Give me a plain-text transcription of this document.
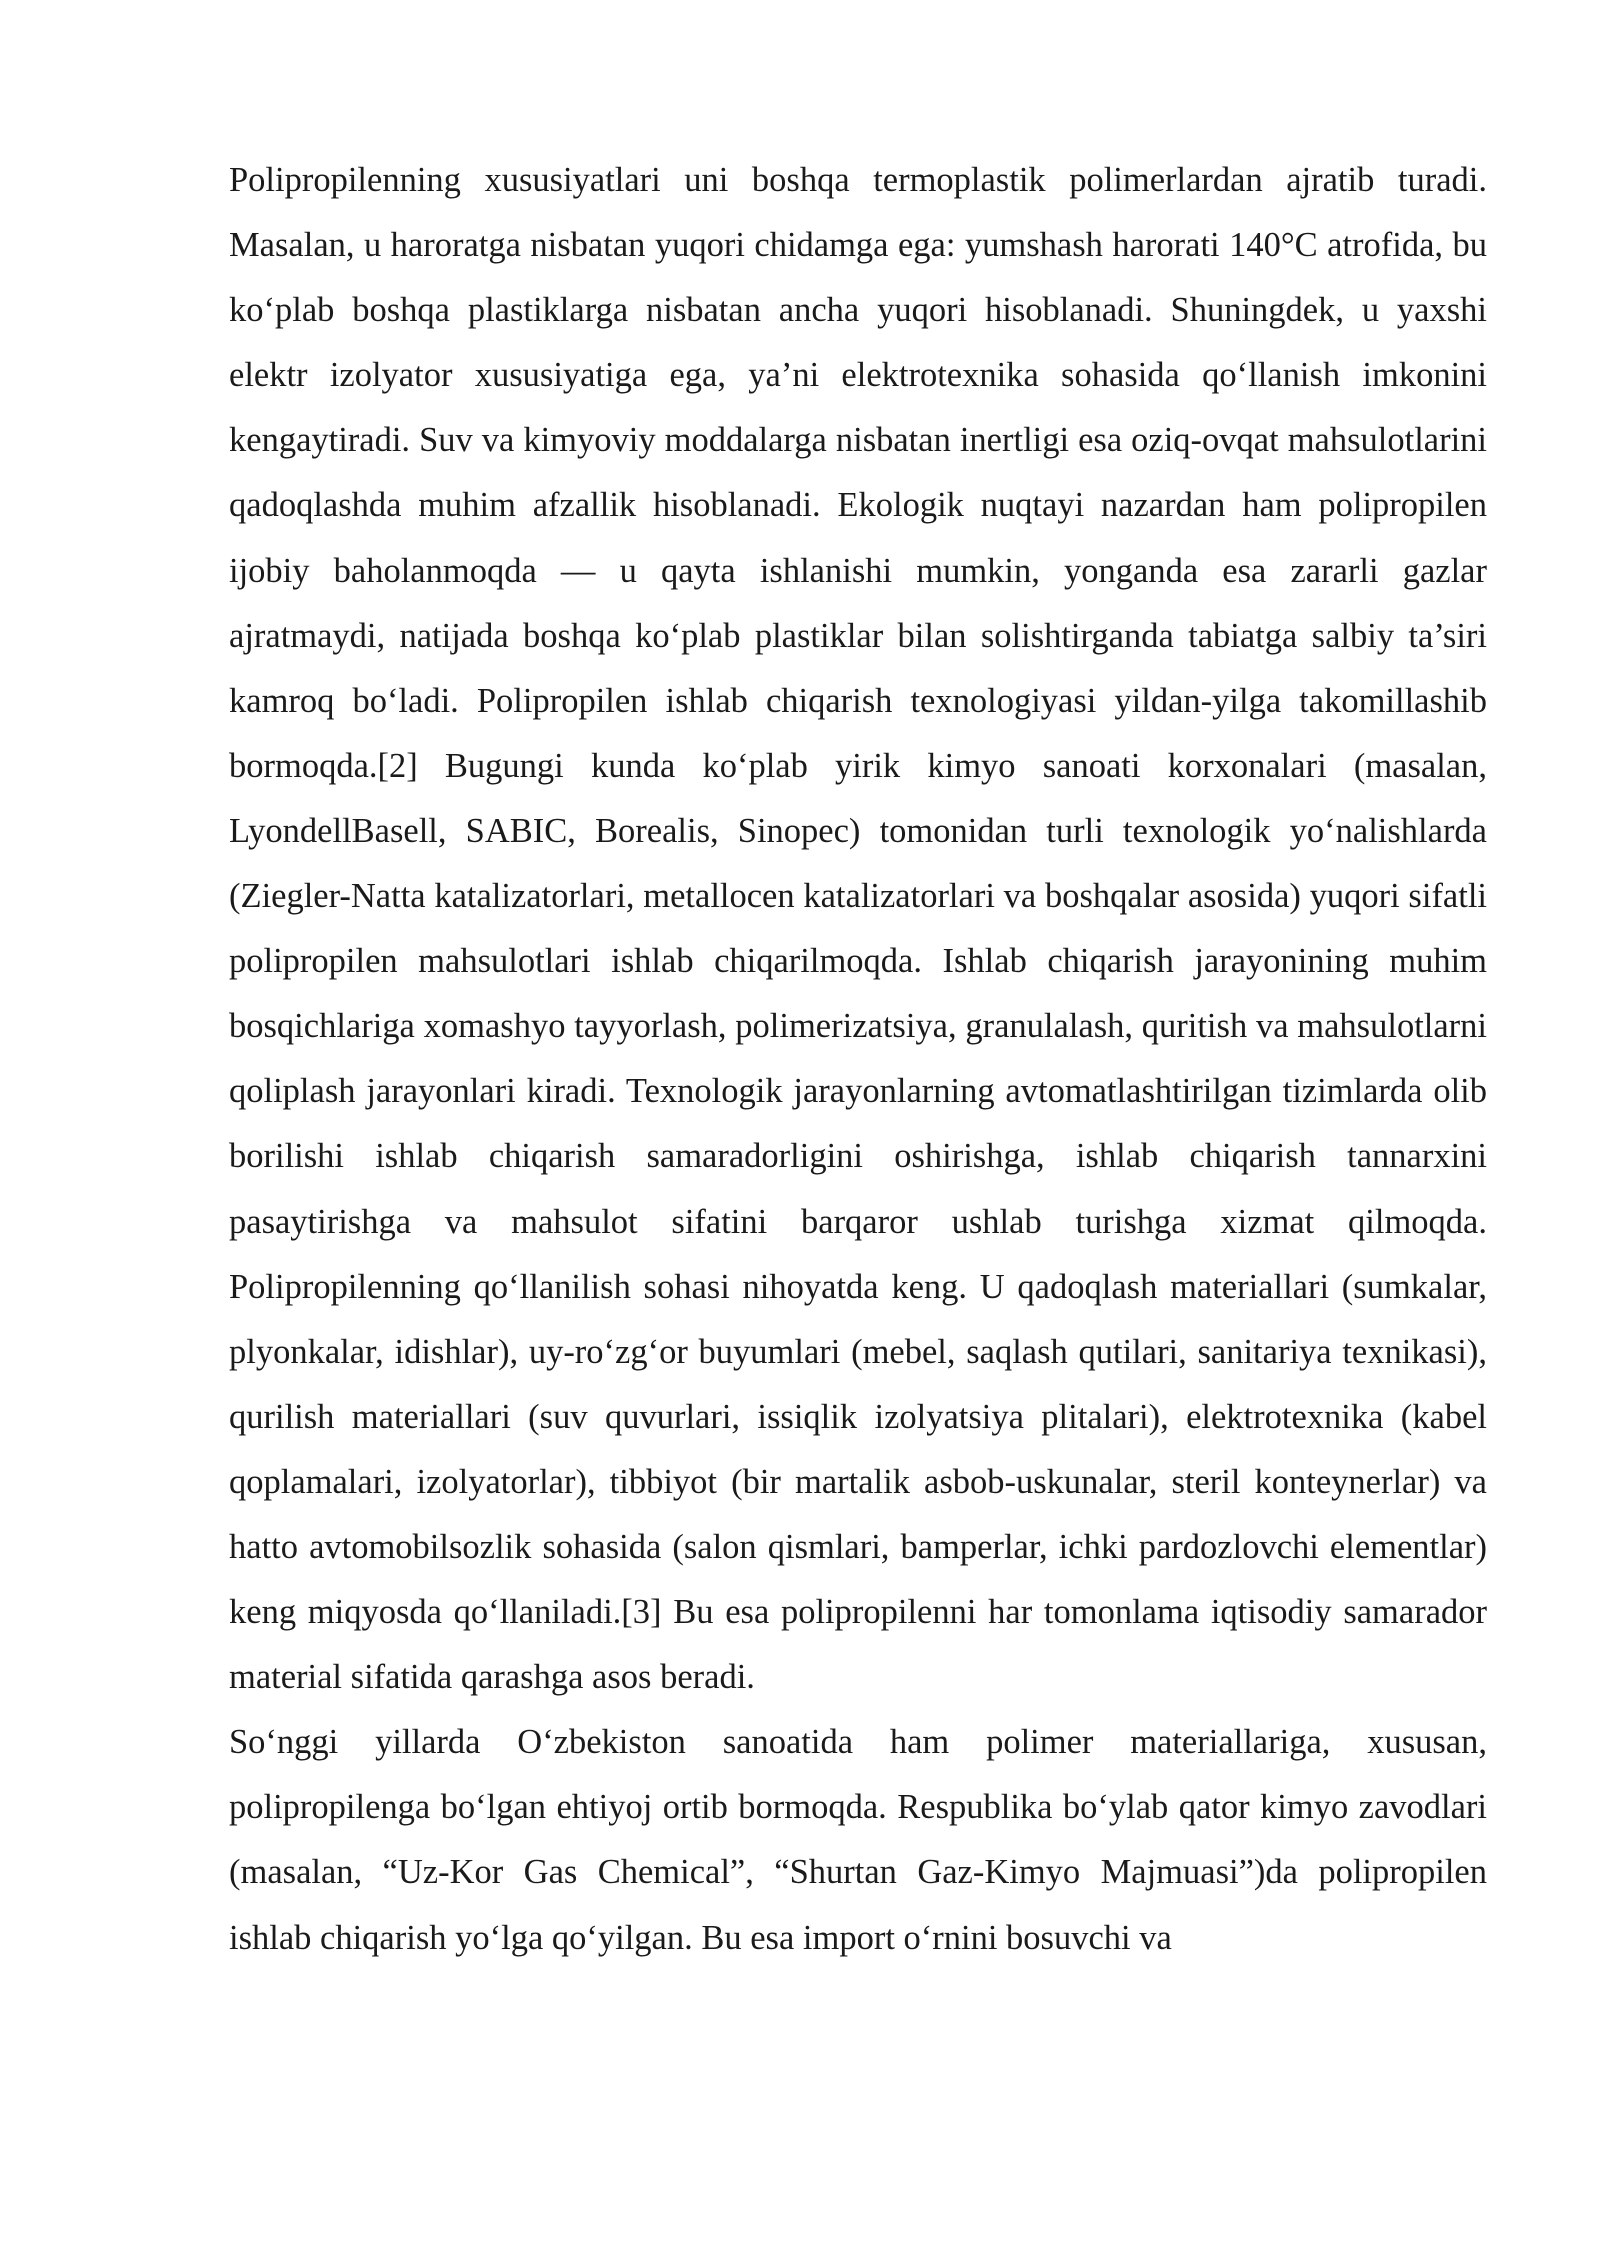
Polipropilenning xususiyatlari uni boshqa termoplastik polimerlardan ajratib turadi. Masalan, u haroratga nisbatan yuqori chidamga ega: yumshash harorati 140°C atrofida, bu ko‘plab boshqa plastiklarga nisbatan ancha yuqori hisoblanadi. Shuningdek, u yaxshi elektr izolyator xususiyatiga ega, ya’ni elektrotexnika sohasida qo‘llanish imkonini kengaytiradi. Suv va kimyoviy moddalarga nisbatan inertligi esa oziq-ovqat mahsulotlarini qadoqlashda muhim afzallik hisoblanadi. Ekologik nuqtayi nazardan ham polipropilen ijobiy baholanmoqda — u qayta ishlanishi mumkin, yonganda esa zararli gazlar ajratmaydi, natijada boshqa ko‘plab plastiklar bilan solishtirganda tabiatga salbiy ta’siri kamroq bo‘ladi. Polipropilen ishlab chiqarish texnologiyasi yildan-yilga takomillashib bormoqda.[2] Bugungi kunda ko‘plab yirik kimyo sanoati korxonalari (masalan, LyondellBasell, SABIC, Borealis, Sinopec) tomonidan turli texnologik yo‘nalishlarda (Ziegler-Natta katalizatorlari, metallocen katalizatorlari va boshqalar asosida) yuqori sifatli polipropilen mahsulotlari ishlab chiqarilmoqda. Ishlab chiqarish jarayonining muhim bosqichlariga xomashyo tayyorlash, polimerizatsiya, granulalash, quritish va mahsulotlarni qoliplash jarayonlari kiradi. Texnologik jarayonlarning avtomatlashtirilgan tizimlarda olib borilishi ishlab chiqarish samaradorligini oshirishga, ishlab chiqarish tannarxini pasaytirishga va mahsulot sifatini barqaror ushlab turishga xizmat qilmoqda. Polipropilenning qo‘llanilish sohasi nihoyatda keng. U qadoqlash materiallari (sumkalar, plyonkalar, idishlar), uy-ro‘zg‘or buyumlari (mebel, saqlash qutilari, sanitariya texnikasi), qurilish materiallari (suv quvurlari, issiqlik izolyatsiya plitalari), elektrotexnika (kabel qoplamalari, izolyatorlar), tibbiyot (bir martalik asbob-uskunalar, steril konteynerlar) va hatto avtomobilsozlik sohasida (salon qismlari, bamperlar, ichki pardozlovchi elementlar) keng miqyosda qo‘llaniladi.[3] Bu esa polipropilenni har tomonlama iqtisodiy samarador material sifatida qarashga asos beradi.

So‘nggi yillarda O‘zbekiston sanoatida ham polimer materiallariga, xususan, polipropilenga bo‘lgan ehtiyoj ortib bormoqda. Respublika bo‘ylab qator kimyo zavodlari (masalan, “Uz-Kor Gas Chemical”, “Shurtan Gaz-Kimyo Majmuasi”)da polipropilen ishlab chiqarish yo‘lga qo‘yilgan. Bu esa import o‘rnini bosuvchi va
